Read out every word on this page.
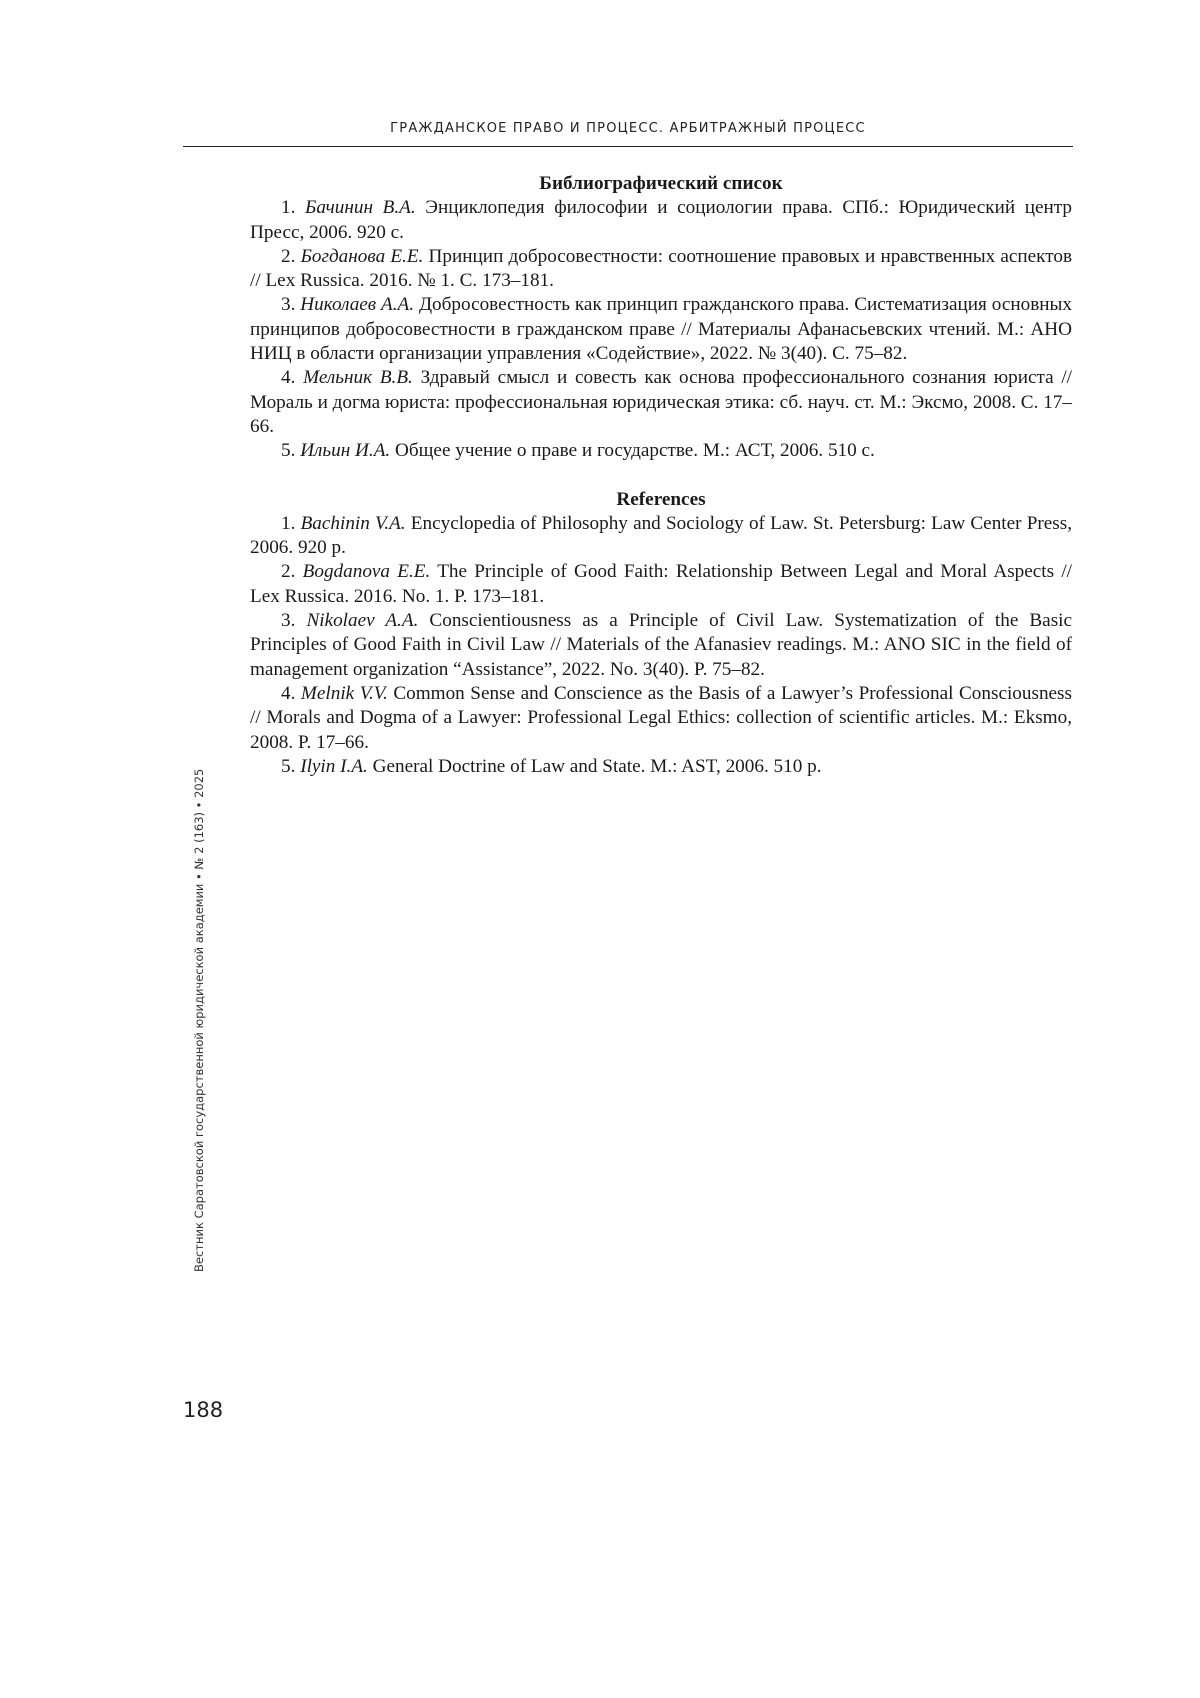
ГРАЖДАНСКОЕ ПРАВО И ПРОЦЕСС. АРБИТРАЖНЫЙ ПРОЦЕСС

Библиографический список

1. Бачинин В.А. Энциклопедия философии и социологии права. СПб.: Юридический центр Пресс, 2006. 920 с.
2. Богданова Е.Е. Принцип добросовестности: соотношение правовых и нравственных аспектов // Lex Russica. 2016. № 1. С. 173–181.
3. Николаев А.А. Добросовестность как принцип гражданского права. Систематизация основных принципов добросовестности в гражданском праве // Материалы Афана­сьевских чтений. М.: АНО НИЦ в области организации управления «Содействие», 2022. № 3(40). С. 75–82.
4. Мельник В.В. Здравый смысл и совесть как основа профессионального сознания юриста // Мораль и догма юриста: профессиональная юридическая этика: сб. науч. ст. М.: Эксмо, 2008. С. 17–66.
5. Ильин И.А. Общее учение о праве и государстве. М.: АСТ, 2006. 510 с.

References

1. Bachinin V.A. Encyclopedia of Philosophy and Sociology of Law. St. Petersburg: Law Center Press, 2006. 920 p.
2. Bogdanova E.E. The Principle of Good Faith: Relationship Between Legal and Moral Aspects // Lex Russica. 2016. No. 1. P. 173–181.
3. Nikolaev A.A. Conscientiousness as a Principle of Civil Law. Systematization of the Ba­sic Principles of Good Faith in Civil Law // Materials of the Afanasiev readings. M.: ANO SIC in the field of management organization “Assistance”, 2022. No. 3(40). P. 75–82.
4. Melnik V.V. Common Sense and Conscience as the Basis of a Lawyer’s Professional Con­sciousness // Morals and Dogma of a Lawyer: Professional Legal Ethics: collection of scientific articles. M.: Eksmo, 2008. P. 17–66.
5. Ilyin I.A. General Doctrine of Law and State. M.: AST, 2006. 510 p.
Вестник Саратовской государственной юридической академии • № 2 (163) • 2025
188
